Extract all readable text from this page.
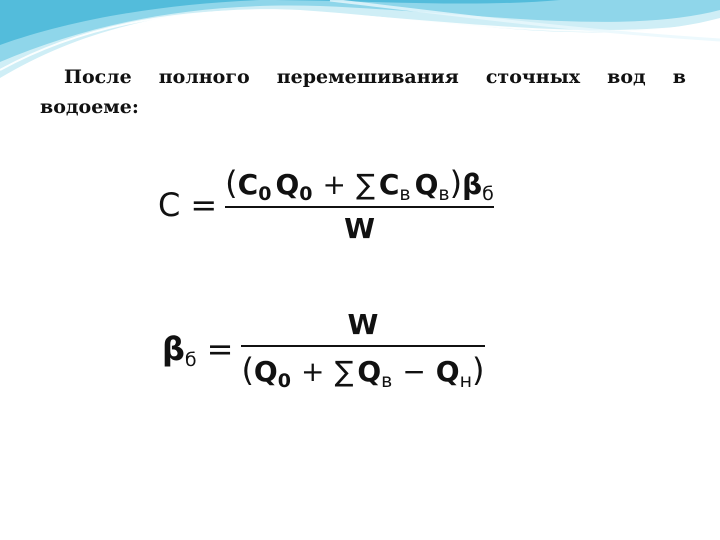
После полного перемешивания сточных вод в
водоеме:
C =
( C 0 Q 0 + ∑ C в Q в ) β б
W
βб =
W
( Q 0 + ∑ Q в − Q н )
